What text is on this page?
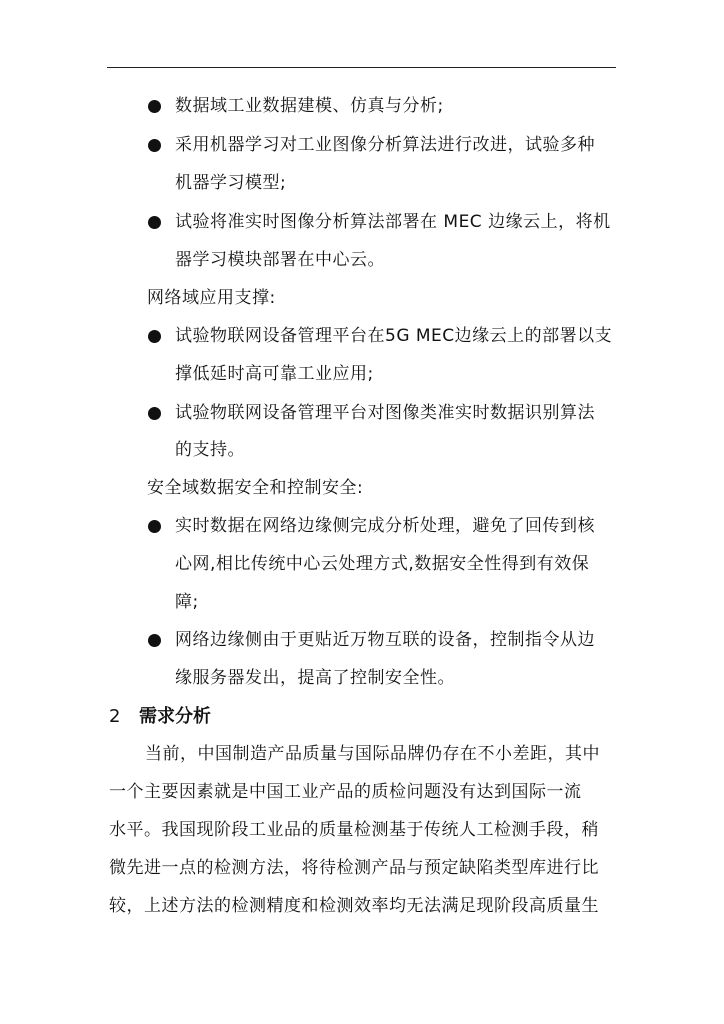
数据域工业数据建模、仿真与分析;
采用机器学习对工业图像分析算法进行改进，试验多种
机器学习模型;
试验将准实时图像分析算法部署在 MEC 边缘云上，将机
器学习模块部署在中心云。
网络域应用支撑:
试验物联网设备管理平台在5G MEC边缘云上的部署以支
撑低延时高可靠工业应用;
试验物联网设备管理平台对图像类准实时数据识别算法
的支持。
安全域数据安全和控制安全:
实时数据在网络边缘侧完成分析处理，避免了回传到核
心网,相比传统中心云处理方式,数据安全性得到有效保
障;
网络边缘侧由于更贴近万物互联的设备，控制指令从边
缘服务器发出，提高了控制安全性。
2 需求分析
当前，中国制造产品质量与国际品牌仍存在不小差距，其中
一个主要因素就是中国工业产品的质检问题没有达到国际一流
水平。我国现阶段工业品的质量检测基于传统人工检测手段，稍
微先进一点的检测方法，将待检测产品与预定缺陷类型库进行比
较，上述方法的检测精度和检测效率均无法满足现阶段高质量生
